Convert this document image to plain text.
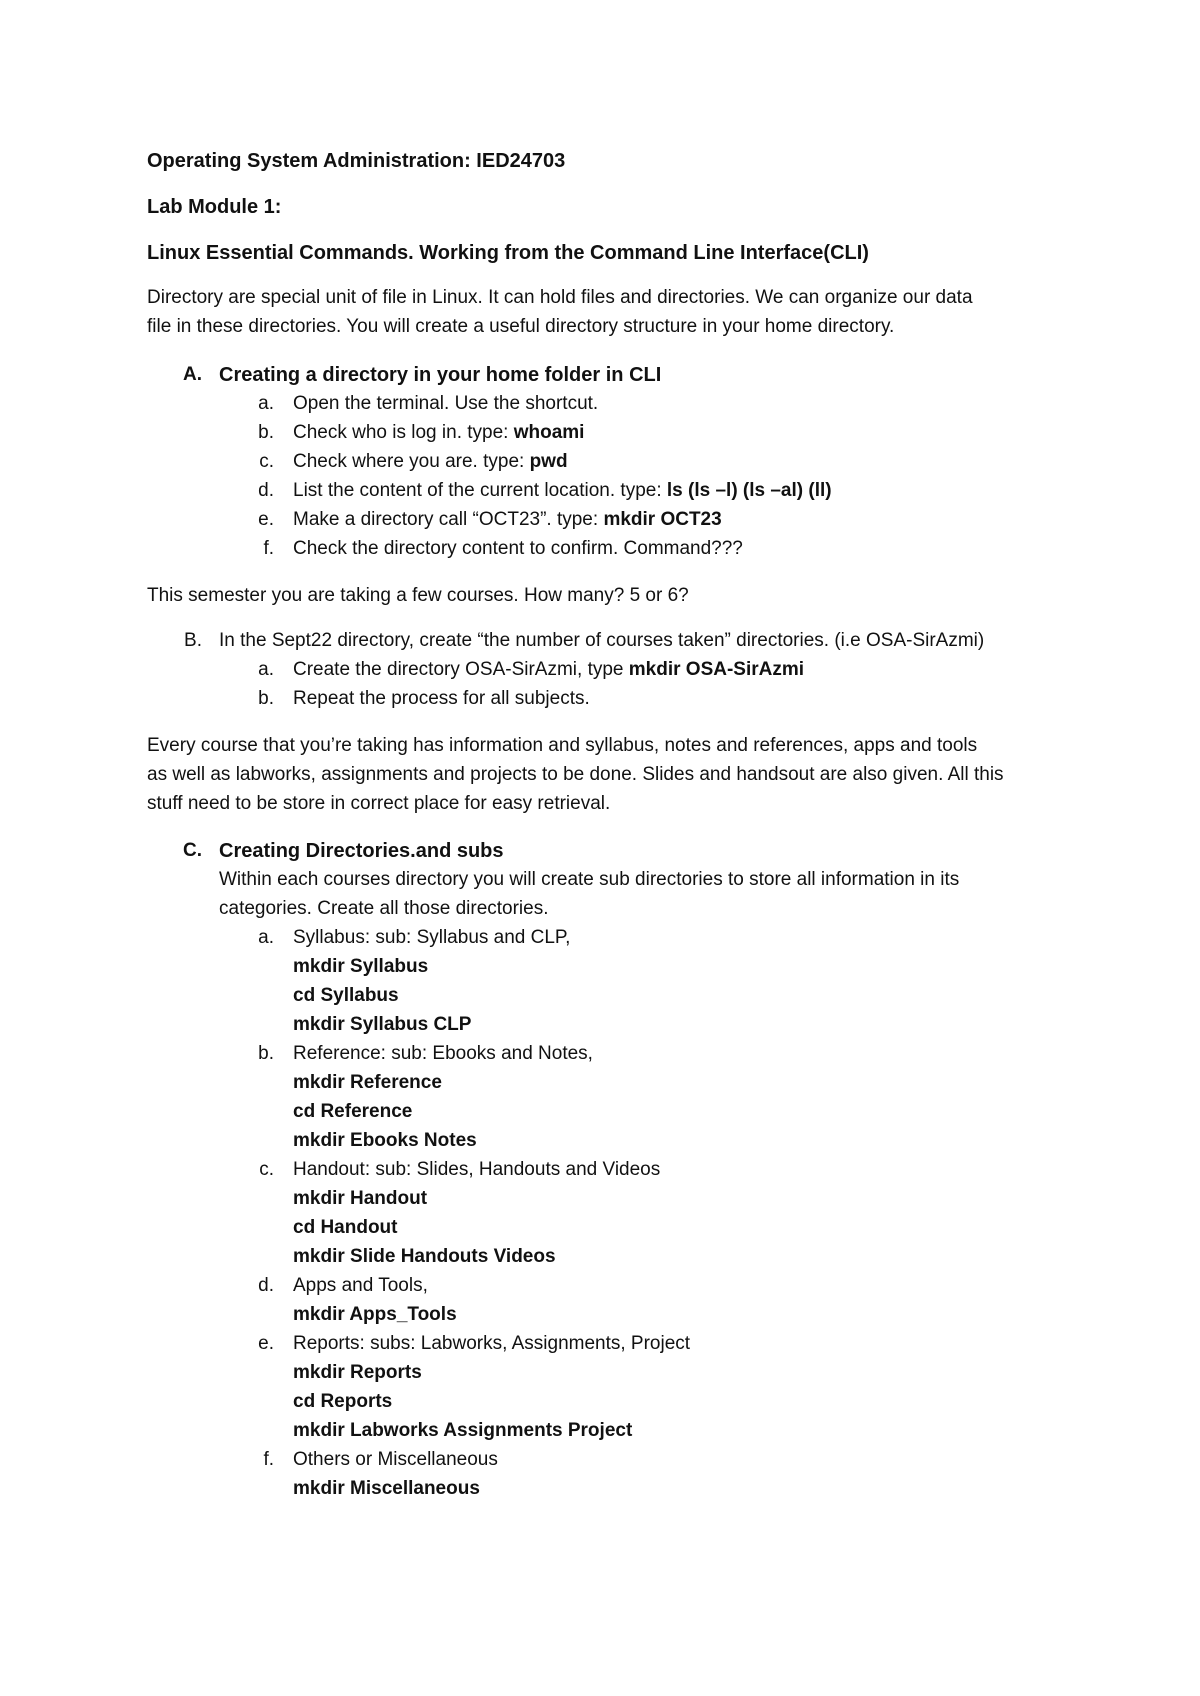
Operating System Administration: IED24703
Lab Module 1:
Linux Essential Commands. Working from the Command Line Interface(CLI)
Directory are special unit of file in Linux. It can hold files and directories. We can organize our data
file in these directories. You will create a useful directory structure in your home directory.
A. Creating a directory in your home folder in CLI
a. Open the terminal. Use the shortcut.
b. Check who is log in. type: whoami
c. Check where you are. type: pwd
d. List the content of the current location. type: ls (ls –l) (ls –al) (ll)
e. Make a directory call “OCT23”. type: mkdir OCT23
f. Check the directory content to confirm. Command???
This semester you are taking a few courses. How many? 5 or 6?
B. In the Sept22 directory, create “the number of courses taken” directories. (i.e OSA-SirAzmi)
a. Create the directory OSA-SirAzmi, type mkdir OSA-SirAzmi
b. Repeat the process for all subjects.
Every course that you’re taking has information and syllabus, notes and references, apps and tools
as well as labworks, assignments and projects to be done. Slides and handsout are also given. All this
stuff need to be store in correct place for easy retrieval.
C. Creating Directories.and subs
Within each courses directory you will create sub directories to store all information in its
categories. Create all those directories.
a. Syllabus: sub: Syllabus and CLP,
mkdir Syllabus
cd Syllabus
mkdir Syllabus CLP
b. Reference: sub: Ebooks and Notes,
mkdir Reference
cd Reference
mkdir Ebooks Notes
c. Handout: sub: Slides, Handouts and Videos
mkdir Handout
cd Handout
mkdir Slide Handouts Videos
d. Apps and Tools,
mkdir Apps_Tools
e. Reports: subs: Labworks, Assignments, Project
mkdir Reports
cd Reports
mkdir Labworks Assignments Project
f. Others or Miscellaneous
mkdir Miscellaneous
